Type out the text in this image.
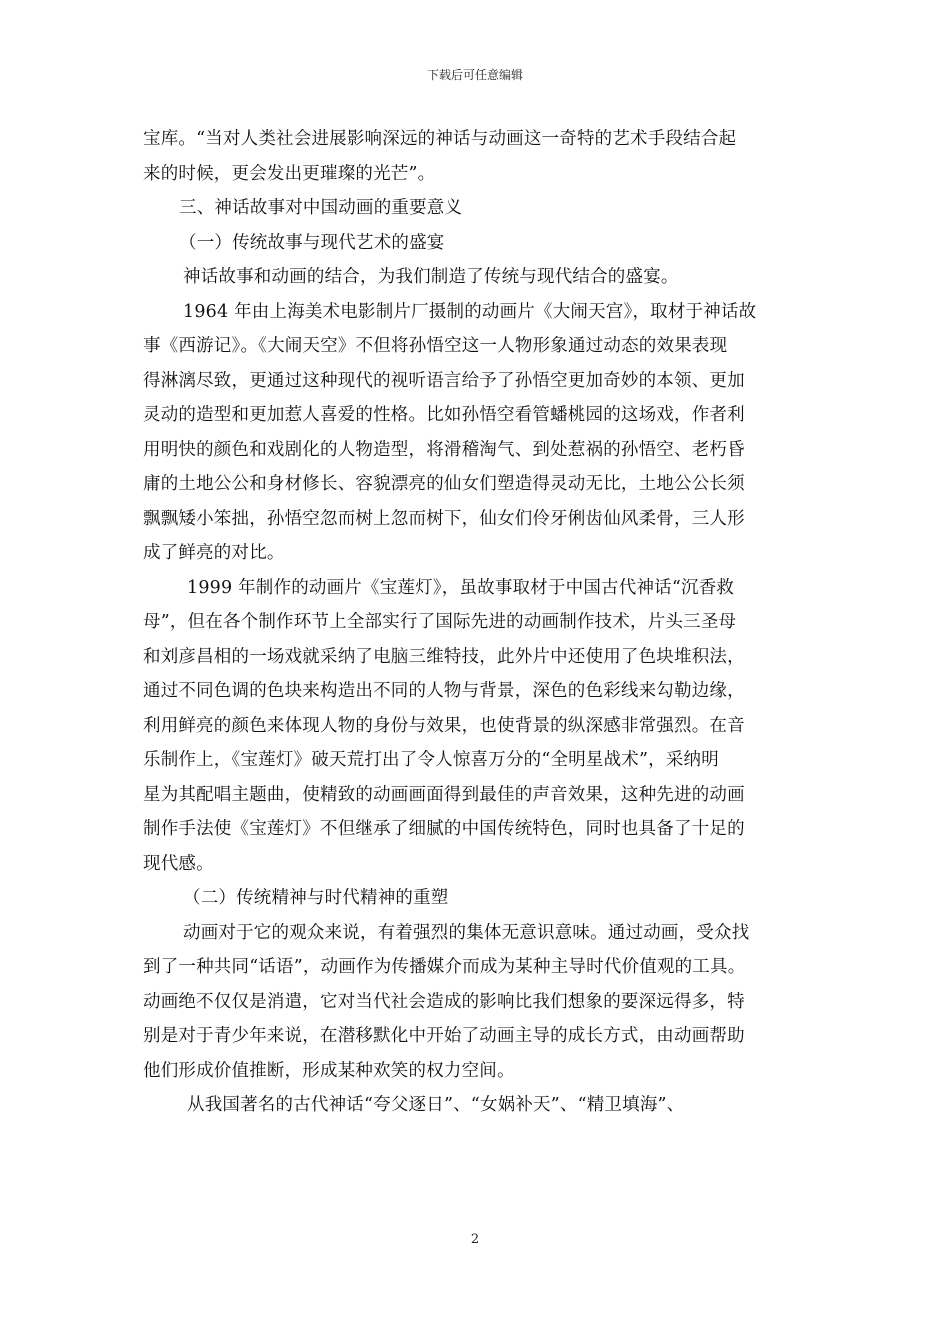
下载后可任意编辑
宝库。“当对人类社会进展影响深远的神话与动画这一奇特的艺术手段结合起
来的时候，更会发出更璀璨的光芒”。
三、神话故事对中国动画的重要意义
（一）传统故事与现代艺术的盛宴
神话故事和动画的结合，为我们制造了传统与现代结合的盛宴。
1964 年由上海美术电影制片厂摄制的动画片《大闹天宫》，取材于神话故
事《西游记》。《大闹天空》不但将孙悟空这一人物形象通过动态的效果表现
得淋漓尽致，更通过这种现代的视听语言给予了孙悟空更加奇妙的本领、更加
灵动的造型和更加惹人喜爱的性格。比如孙悟空看管蟠桃园的这场戏，作者利
用明快的颜色和戏剧化的人物造型，将滑稽淘气、到处惹祸的孙悟空、老朽昏
庸的土地公公和身材修长、容貌漂亮的仙女们塑造得灵动无比，土地公公长须
飘飘矮小笨拙，孙悟空忽而树上忽而树下，仙女们伶牙俐齿仙风柔骨，三人形
成了鲜亮的对比。
1999 年制作的动画片《宝莲灯》，虽故事取材于中国古代神话“沉香救
母”，但在各个制作环节上全部实行了国际先进的动画制作技术，片头三圣母
和刘彦昌相的一场戏就采纳了电脑三维特技，此外片中还使用了色块堆积法，
通过不同色调的色块来构造出不同的人物与背景，深色的色彩线来勾勒边缘，
利用鲜亮的颜色来体现人物的身份与效果，也使背景的纵深感非常强烈。在音
乐制作上，《宝莲灯》破天荒打出了令人惊喜万分的“全明星战术”，采纳明
星为其配唱主题曲，使精致的动画画面得到最佳的声音效果，这种先进的动画
制作手法使《宝莲灯》不但继承了细腻的中国传统特色，同时也具备了十足的
现代感。
（二）传统精神与时代精神的重塑
动画对于它的观众来说，有着强烈的集体无意识意味。通过动画，受众找
到了一种共同“话语”，动画作为传播媒介而成为某种主导时代价值观的工具。
动画绝不仅仅是消遣，它对当代社会造成的影响比我们想象的要深远得多，特
别是对于青少年来说，在潜移默化中开始了动画主导的成长方式，由动画帮助
他们形成价值推断，形成某种欢笑的权力空间。
从我国著名的古代神话“夸父逐日”、“女娲补天”、“精卫填海”、
2
